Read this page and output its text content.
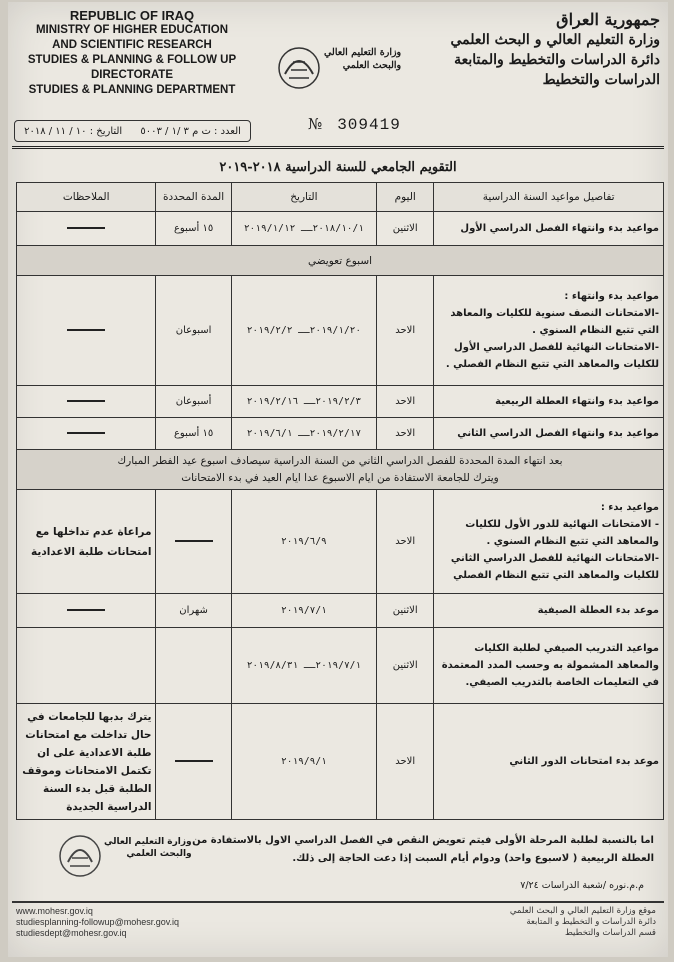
REPUBLIC OF IRAQ
MINISTRY OF HIGHER EDUCATION
AND SCIENTIFIC RESEARCH
STUDIES & PLANNING & FOLLOW UP DIRECTORATE
STUDIES & PLANNING DEPARTMENT
وزارة التعليم العالي
والبحث العلمي
جمهورية العراق
وزارة التعليم العالي و البحث العلمي
دائرة الدراسات والتخطيط والمتابعة
الدراسات والتخطيط
العدد : ت م ٣ /١ / ٥٠٠٣
التاريخ : ١٠ / ١١ / ٢٠١٨	№ 309419
التقويم الجامعي للسنة الدراسية ٢٠١٨-٢٠١٩
تفاصيل مواعيد السنة الدراسية	اليوم	التاريخ	المدة المحددة	الملاحظات
مواعيد بدء وانتهاء الفصل الدراسي الأول	الاثنين	٢٠١٨/١٠/١ــ ٢٠١٩/١/١٢	١٥ أسبوع	
اسبوع تعويضي				

مواعيد بدء وانتهاء :
-الامتحانات النصف سنوية للكليات والمعاهد التي تتبع النظام السنوي .
-الامتحانات النهائية للفصل الدراسي الأول للكليات والمعاهد التي تتبع النظام الفصلي .	الاحد	٢٠١٩/١/٢٠ــ ٢٠١٩/٢/٢	اسبوعان	
مواعيد بدء وانتهاء العطلة الربيعية	الاحد	٢٠١٩/٢/٣ــ ٢٠١٩/٢/١٦	أسبوعان	
مواعيد بدء وانتهاء الفصل الدراسي الثاني	الاحد	٢٠١٩/٢/١٧ــ ٢٠١٩/٦/١	١٥ أسبوع	

بعد انتهاء المدة المحددة للفصل الدراسي الثاني من السنة الدراسية سيصادف اسبوع عيد الفطر المبارك
ويترك للجامعة الاستفادة من ايام الاسبوع عدا ايام العيد في بدء الامتحانات				

مواعيد بدء :
- الامتحانات النهائية للدور الأول للكليات والمعاهد التي تتبع النظام السنوي .
-الامتحانات النهائية للفصل الدراسي الثاني للكليات والمعاهد التي تتبع النظام الفصلي	الاحد	٢٠١٩/٦/٩		مراعاة عدم تداخلها مع امتحانات طلبة الاعدادية
موعد بدء العطلة الصيفية	الاثنين	٢٠١٩/٧/١	شهران	
مواعيد التدريب الصيفي لطلبة الكليات والمعاهد المشمولة به وحسب المدد المعتمدة في التعليمات الخاصة بالتدريب الصيفي.	الاثنين	٢٠١٩/٧/١ــ ٢٠١٩/٨/٣١		
موعد بدء امتحانات الدور الثاني	الاحد	٢٠١٩/٩/١		يترك بدبها للجامعات في حال تداخلت مع امتحانات طلبة الاعدادية على ان تكتمل الامتحانات وموقف الطلبة قبل بدء السنة الدراسية الجديدة
وزارة التعليم العالي
والبحث العلمي
اما بالنسبة لطلبة المرحلة الأولى فيتم تعويض النقص في الفصل الدراسي الاول بالاستفادة من العطلة الربيعية ( لاسبوع واحد) ودوام أيام السبت إذا دعت الحاجة إلى ذلك.
م.م.نوره /شعبة الدراسات ٧/٢٤
www.mohesr.gov.iq
studiesplanning-followup@mohesr.gov.iq
studiesdept@mohesr.gov.iq
موقع وزارة التعليم العالي و البحث العلمي
دائرة الدراسات و التخطيط و المتابعة
قسم الدراسات والتخطيط
